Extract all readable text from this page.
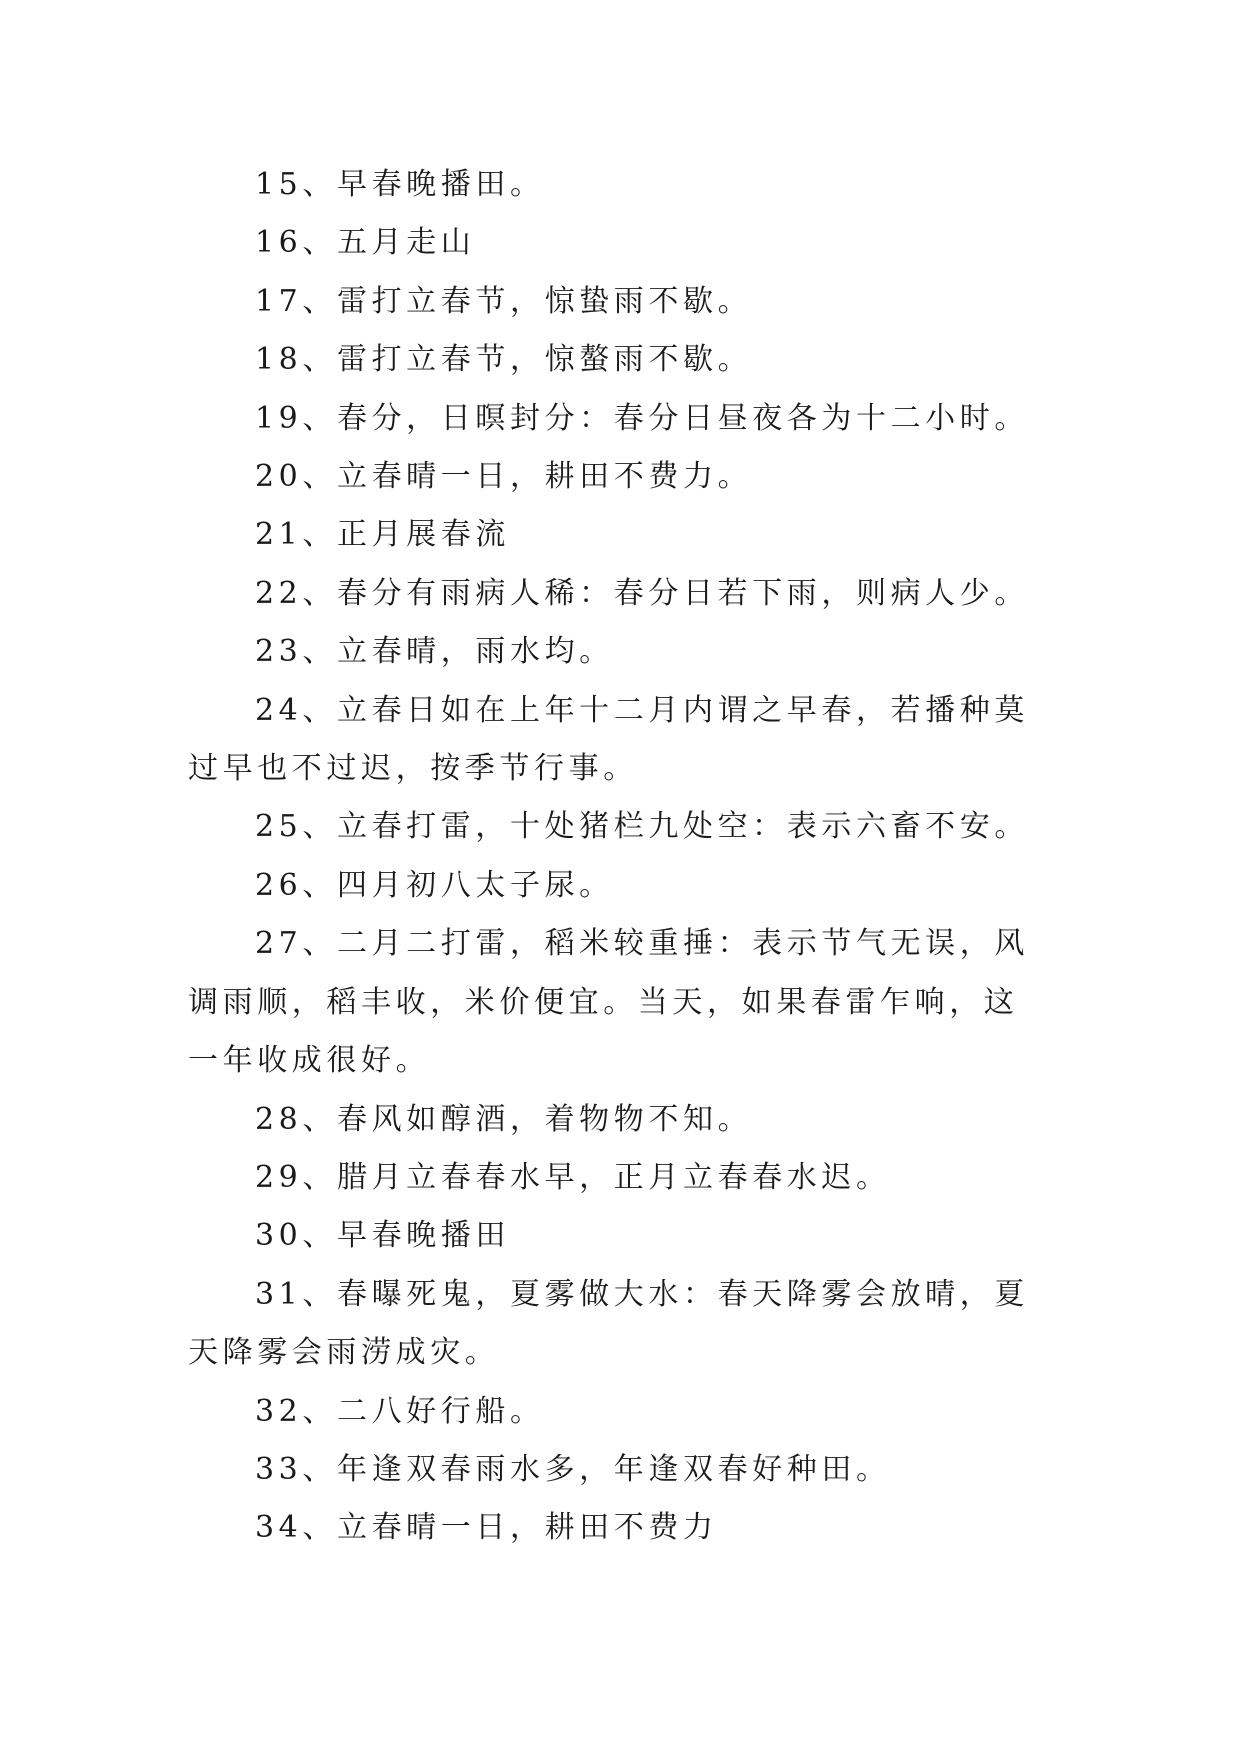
15、早春晚播田。

16、五月走山

17、雷打立春节，惊蛰雨不歇。

18、雷打立春节，惊螯雨不歇。

19、春分，日暝封分：春分日昼夜各为十二小时。

20、立春晴一日，耕田不费力。

21、正月展春流

22、春分有雨病人稀：春分日若下雨，则病人少。

23、立春晴，雨水均。

24、立春日如在上年十二月内谓之早春，若播种莫过早也不过迟，按季节行事。

25、立春打雷，十处猪栏九处空：表示六畜不安。

26、四月初八太子尿。

27、二月二打雷，稻米较重捶：表示节气无误，风调雨顺，稻丰收，米价便宜。当天，如果春雷乍响，这一年收成很好。

28、春风如醇酒，着物物不知。

29、腊月立春春水早，正月立春春水迟。

30、早春晚播田

31、春曝死鬼，夏雾做大水：春天降雾会放晴，夏天降雾会雨涝成灾。

32、二八好行船。

33、年逢双春雨水多，年逢双春好种田。

34、立春晴一日，耕田不费力
